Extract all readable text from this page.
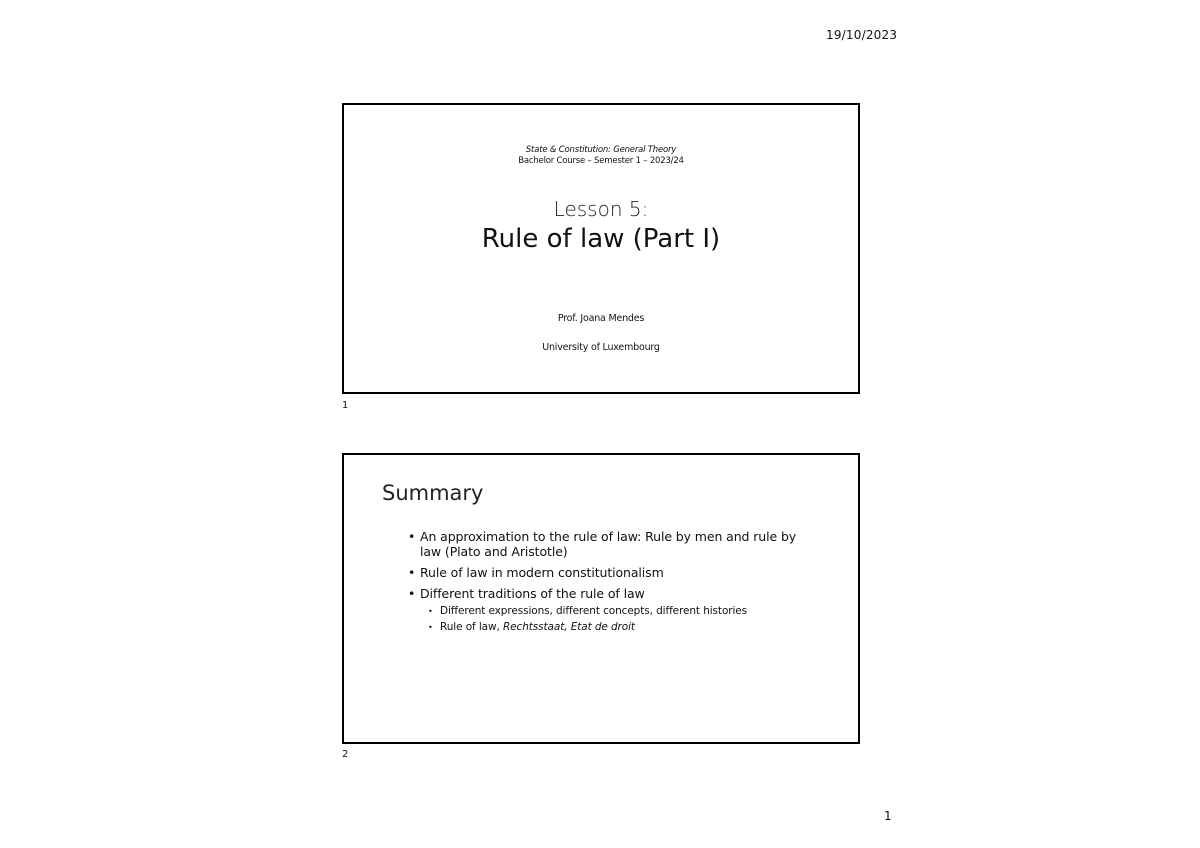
19/10/2023
State & Constitution: General Theory
Bachelor Course – Semester 1 – 2023/24
Lesson 5:
Rule of law (Part I)
Prof. Joana Mendes
University of Luxembourg
1
Summary
• An approximation to the rule of law: Rule by men and rule by law (Plato and Aristotle)
• Rule of law in modern constitutionalism
• Different traditions of the rule of law
• Different expressions, different concepts, different histories
• Rule of law, Rechtsstaat, Etat de droit
2
1
